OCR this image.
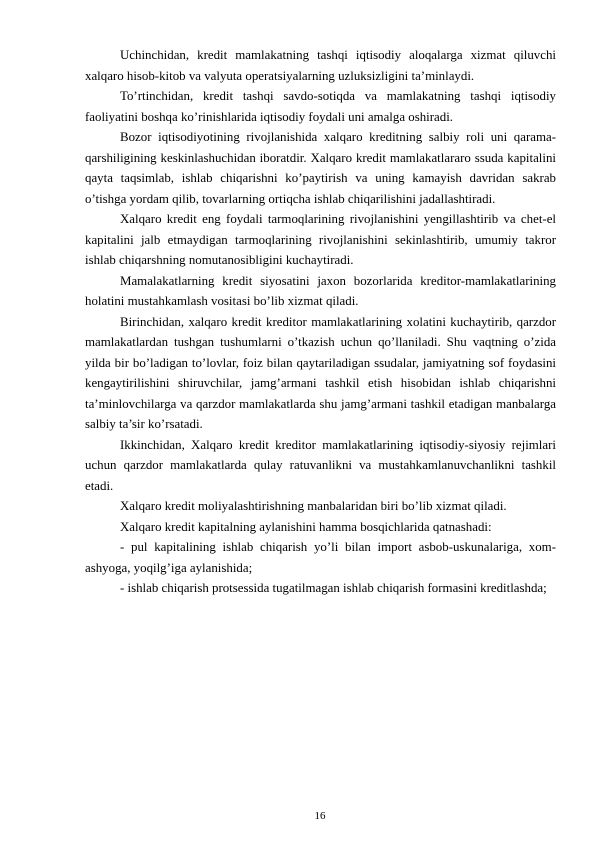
Uchinchidan, kredit mamlakatning tashqi iqtisodiy aloqalarga xizmat qiluvchi xalqaro hisob-kitob va valyuta operatsiyalarning uzluksizligini ta’minlaydi.

To’rtinchidan, kredit tashqi savdo-sotiqda va mamlakatning tashqi iqtisodiy faoliyatini boshqa ko’rinishlarida iqtisodiy foydali uni amalga oshiradi.

Bozor iqtisodiyotining rivojlanishida xalqaro kreditning salbiy roli uni qarama- qarshiligining keskinlashuchidan iboratdir. Xalqaro kredit mamlakatlararo ssuda kapitalini qayta taqsimlab, ishlab chiqarishni ko’paytirish va uning kamayish davridan sakrab o’tishga yordam qilib, tovarlarning ortiqcha ishlab chiqarilishini jadallashtiradi.

Xalqaro kredit eng foydali tarmoqlarining rivojlanishini yengillashtirib va chet-el kapitalini jalb etmaydigan tarmoqlarining rivojlanishini sekinlashtirib, umumiy takror ishlab chiqarshning nomutanosibligini kuchaytiradi.

Mamalakatlarning kredit siyosatini jaxon bozorlarida kreditor-mamlakatlarining holatini mustahkamlash vositasi bo’lib xizmat qiladi.

Birinchidan, xalqaro kredit kreditor mamlakatlarining xolatini kuchaytirib, qarzdor mamlakatlardan tushgan tushumlarni o’tkazish uchun qo’llaniladi. Shu vaqtning o’zida yilda bir bo’ladigan to’lovlar, foiz bilan qaytariladigan ssudalar, jamiyatning sof foydasini kengaytirilishini shiruvchilar, jamg’armani tashkil etish hisobidan ishlab chiqarishni ta’minlovchilarga va qarzdor mamlakatlarda shu jamg’armani tashkil etadigan manbalarga salbiy ta’sir ko’rsatadi.

Ikkinchidan, Xalqaro kredit kreditor mamlakatlarining iqtisodiy-siyosiy rejimlari uchun qarzdor mamlakatlarda qulay ratuvanlikni va mustahkamlanuvchanlikni tashkil etadi.

Xalqaro kredit moliyalashtirishning manbalaridan biri bo’lib xizmat qiladi.

Xalqaro kredit kapitalning aylanishini hamma bosqichlarida qatnashadi:

- pul kapitalining ishlab chiqarish yo’li bilan import asbob-uskunalariga, xom-ashyoga, yoqilg’iga aylanishida;

- ishlab chiqarish protsessida tugatilmagan ishlab chiqarish formasini kreditlashda;

16
